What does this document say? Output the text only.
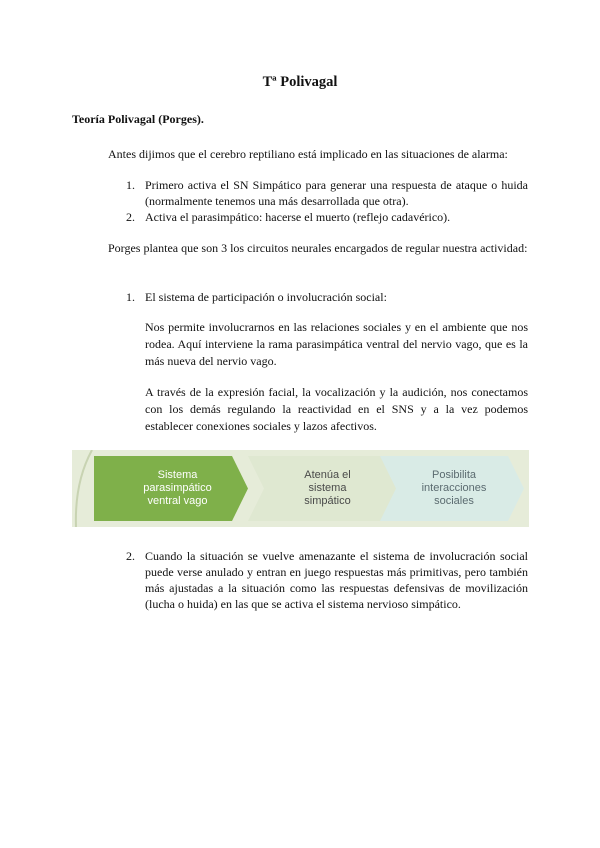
Tª Polivagal
Teoría Polivagal (Porges).
Antes dijimos que el cerebro reptiliano está implicado en las situaciones de alarma:
1. Primero activa el SN Simpático para generar una respuesta de ataque o huida (normalmente tenemos una más desarrollada que otra).
2. Activa el parasimpático: hacerse el muerto (reflejo cadavérico).
Porges plantea que son 3 los circuitos neurales encargados de regular nuestra actividad:
1. El sistema de participación o involucración social:
Nos permite involucrarnos en las relaciones sociales y en el ambiente que nos rodea. Aquí interviene la rama parasimpática ventral del nervio vago, que es la más nueva del nervio vago.
A través de la expresión facial, la vocalización y la audición, nos conectamos con los demás regulando la reactividad en el SNS y a la vez podemos establecer conexiones sociales y lazos afectivos.
Sistema
parasimpático
ventral vago
Atenúa el
sistema
simpático
Posibilita
interacciones
sociales
2. Cuando la situación se vuelve amenazante el sistema de involucración social puede verse anulado y entran en juego respuestas más primitivas, pero también más ajustadas a la situación como las respuestas defensivas de movilización (lucha o huida) en las que se activa el sistema nervioso simpático.
